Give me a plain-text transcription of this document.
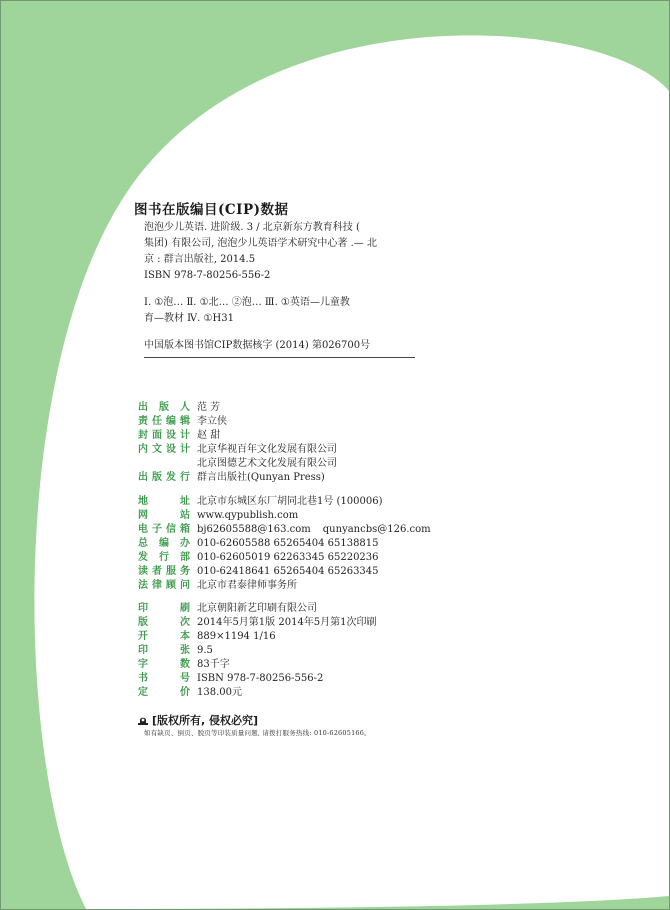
图书在版编目(CIP)数据
泡泡少儿英语. 进阶级. 3 / 北京新东方教育科技 (
集团) 有限公司, 泡泡少儿英语学术研究中心著 .— 北
京 : 群言出版社, 2014.5
ISBN 978-7-80256-556-2
Ⅰ. ①泡… Ⅱ. ①北… ②泡… Ⅲ. ①英语—儿童教
育—教材 Ⅳ. ①H31
中国版本图书馆CIP数据核字 (2014) 第026700号
出 版 人 范 芳
责任编辑 李立侠
封面设计 赵 甜
内文设计 北京华视百年文化发展有限公司
北京图德艺术文化发展有限公司
出版发行 群言出版社(Qunyan Press)
地 址 北京市东城区东厂胡同北巷1号 (100006)
网 站 www.qypublish.com
电子信箱 bj62605588@163.com qunyancbs@126.com
总 编 办 010-62605588 65265404 65138815
发 行 部 010-62605019 62263345 65220236
读者服务 010-62418641 65265404 65263345
法律顾问 北京市君泰律师事务所
印 刷 北京朝阳新艺印刷有限公司
版 次 2014年5月第1版 2014年5月第1次印刷
开 本 889×1194 1/16
印 张 9.5
字 数 83千字
书 号 ISBN 978-7-80256-556-2
定 价 138.00元
[版权所有, 侵权必究]
如有缺页、倒页、脱页等印装质量问题, 请拨打服务热线: 010-62605166。
